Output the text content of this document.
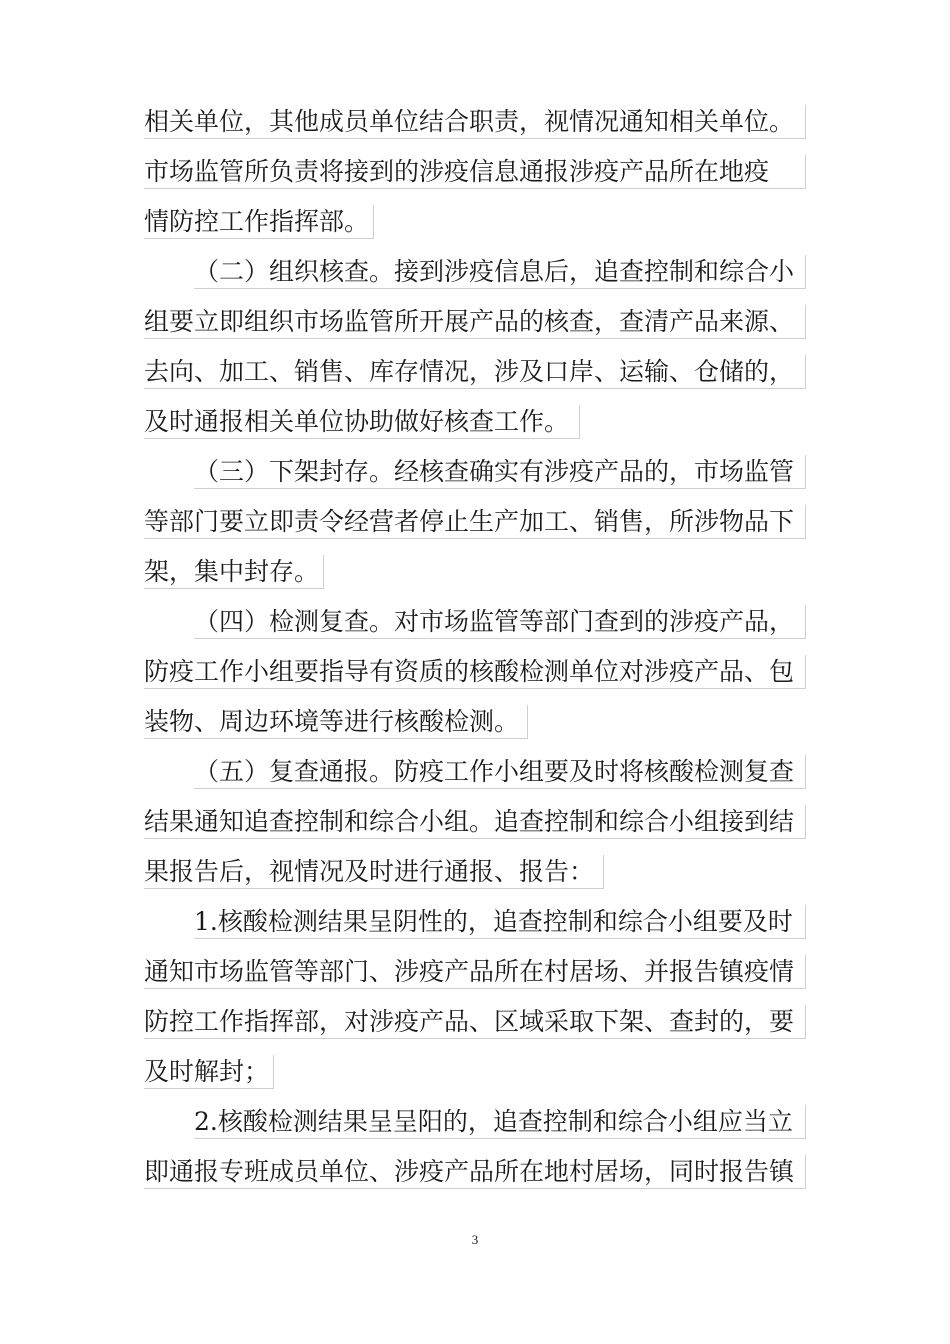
相关单位，其他成员单位结合职责，视情况通知相关单位。
市场监管所负责将接到的涉疫信息通报涉疫产品所在地疫
情防控工作指挥部。
（二）组织核查。接到涉疫信息后，追查控制和综合小
组要立即组织市场监管所开展产品的核查，查清产品来源、
去向、加工、销售、库存情况，涉及口岸、运输、仓储的，
及时通报相关单位协助做好核查工作。
（三）下架封存。经核查确实有涉疫产品的，市场监管
等部门要立即责令经营者停止生产加工、销售，所涉物品下
架，集中封存。
（四）检测复查。对市场监管等部门查到的涉疫产品，
防疫工作小组要指导有资质的核酸检测单位对涉疫产品、包
装物、周边环境等进行核酸检测。
（五）复查通报。防疫工作小组要及时将核酸检测复查
结果通知追查控制和综合小组。追查控制和综合小组接到结
果报告后，视情况及时进行通报、报告：
1.核酸检测结果呈阴性的，追查控制和综合小组要及时
通知市场监管等部门、涉疫产品所在村居场、并报告镇疫情
防控工作指挥部，对涉疫产品、区域采取下架、查封的，要
及时解封；
2.核酸检测结果呈呈阳的，追查控制和综合小组应当立
即通报专班成员单位、涉疫产品所在地村居场，同时报告镇
3
